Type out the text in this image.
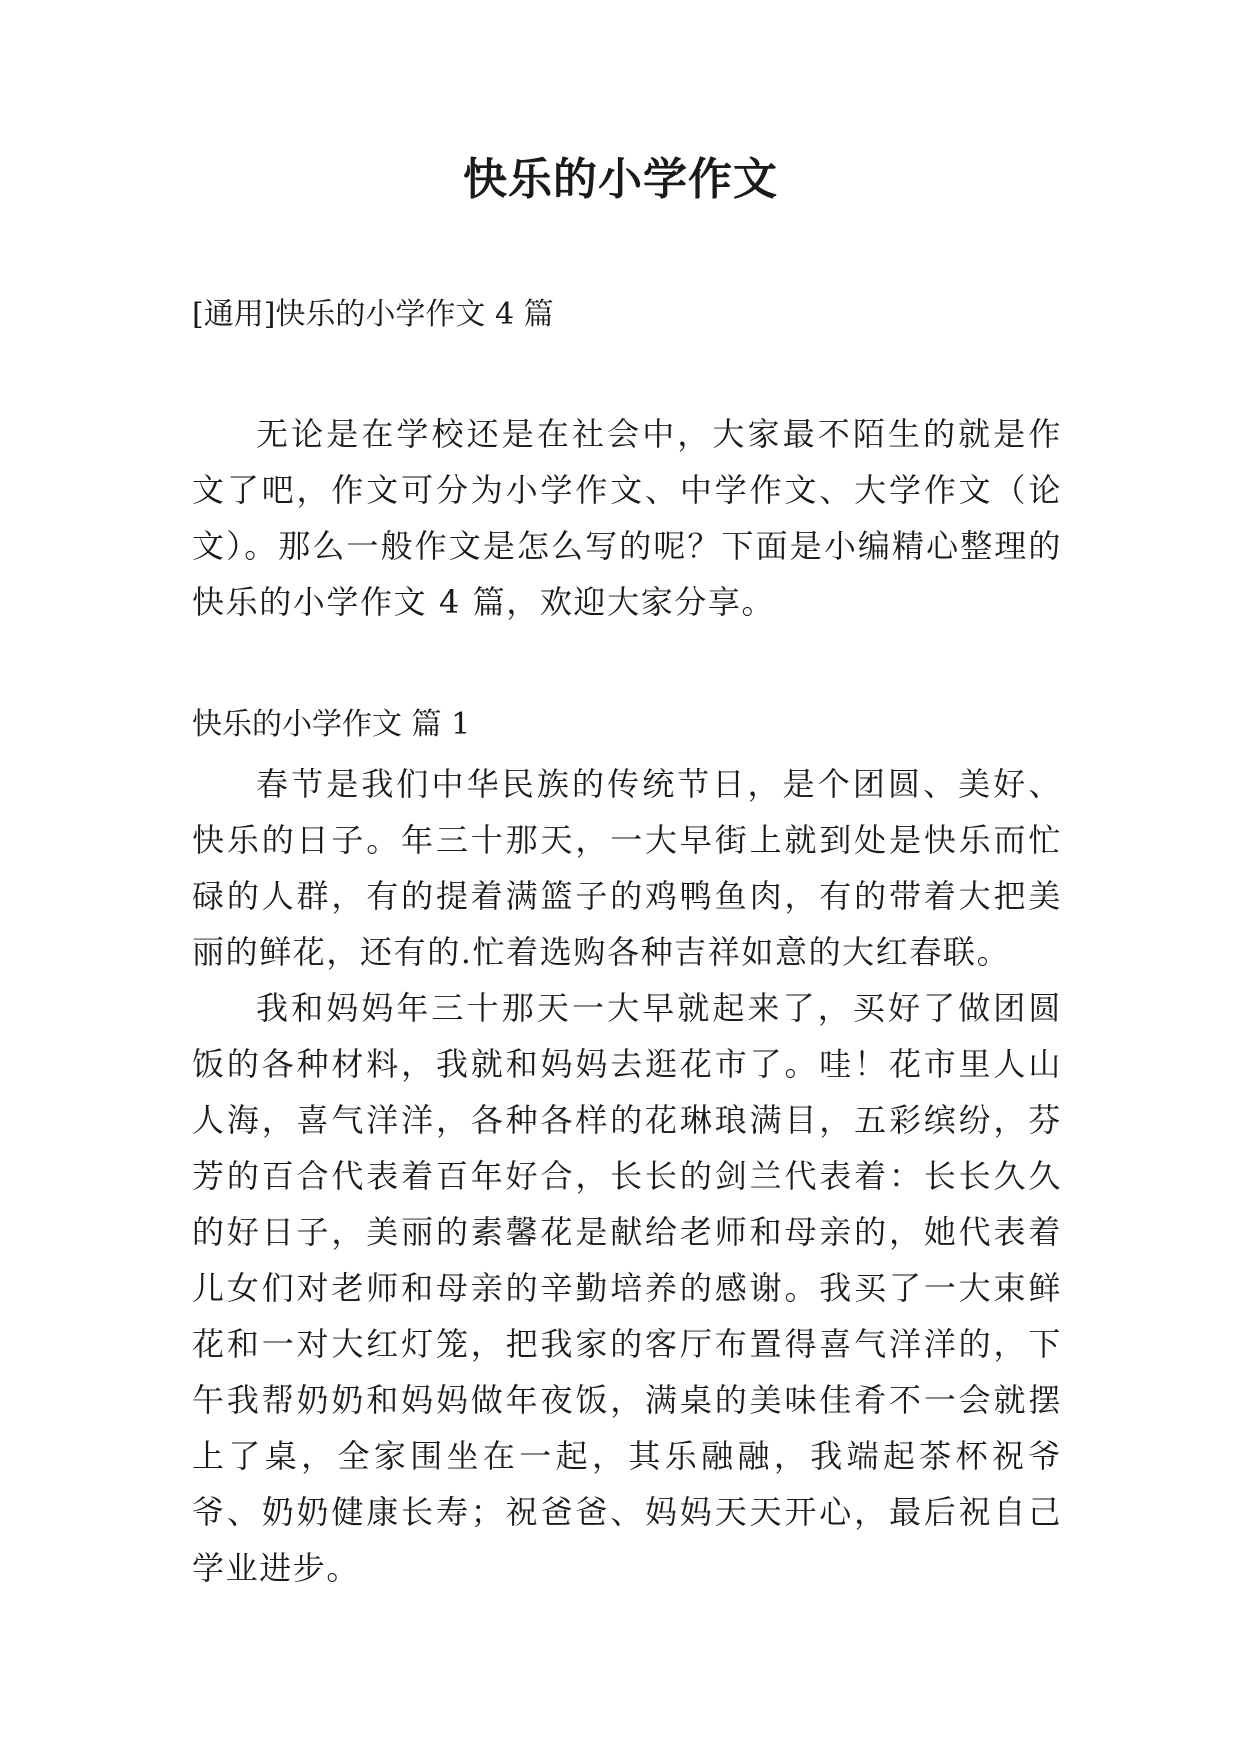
快乐的小学作文
[通用]快乐的小学作文 4 篇

无论是在学校还是在社会中，大家最不陌生的就是作文了吧，作文可分为小学作文、中学作文、大学作文（论文）。那么一般作文是怎么写的呢？下面是小编精心整理的快乐的小学作文 4 篇，欢迎大家分享。

快乐的小学作文 篇 1

春节是我们中华民族的传统节日，是个团圆、美好、快乐的日子。年三十那天，一大早街上就到处是快乐而忙碌的人群，有的提着满篮子的鸡鸭鱼肉，有的带着大把美丽的鲜花，还有的.忙着选购各种吉祥如意的大红春联。

我和妈妈年三十那天一大早就起来了，买好了做团圆饭的各种材料，我就和妈妈去逛花市了。哇！花市里人山人海，喜气洋洋，各种各样的花琳琅满目，五彩缤纷，芬芳的百合代表着百年好合，长长的剑兰代表着：长长久久的好日子，美丽的素馨花是献给老师和母亲的，她代表着儿女们对老师和母亲的辛勤培养的感谢。我买了一大束鲜花和一对大红灯笼，把我家的客厅布置得喜气洋洋的，下午我帮奶奶和妈妈做年夜饭，满桌的美味佳肴不一会就摆上了桌，全家围坐在一起，其乐融融，我端起茶杯祝爷爷、奶奶健康长寿；祝爸爸、妈妈天天开心，最后祝自己学业进步。
